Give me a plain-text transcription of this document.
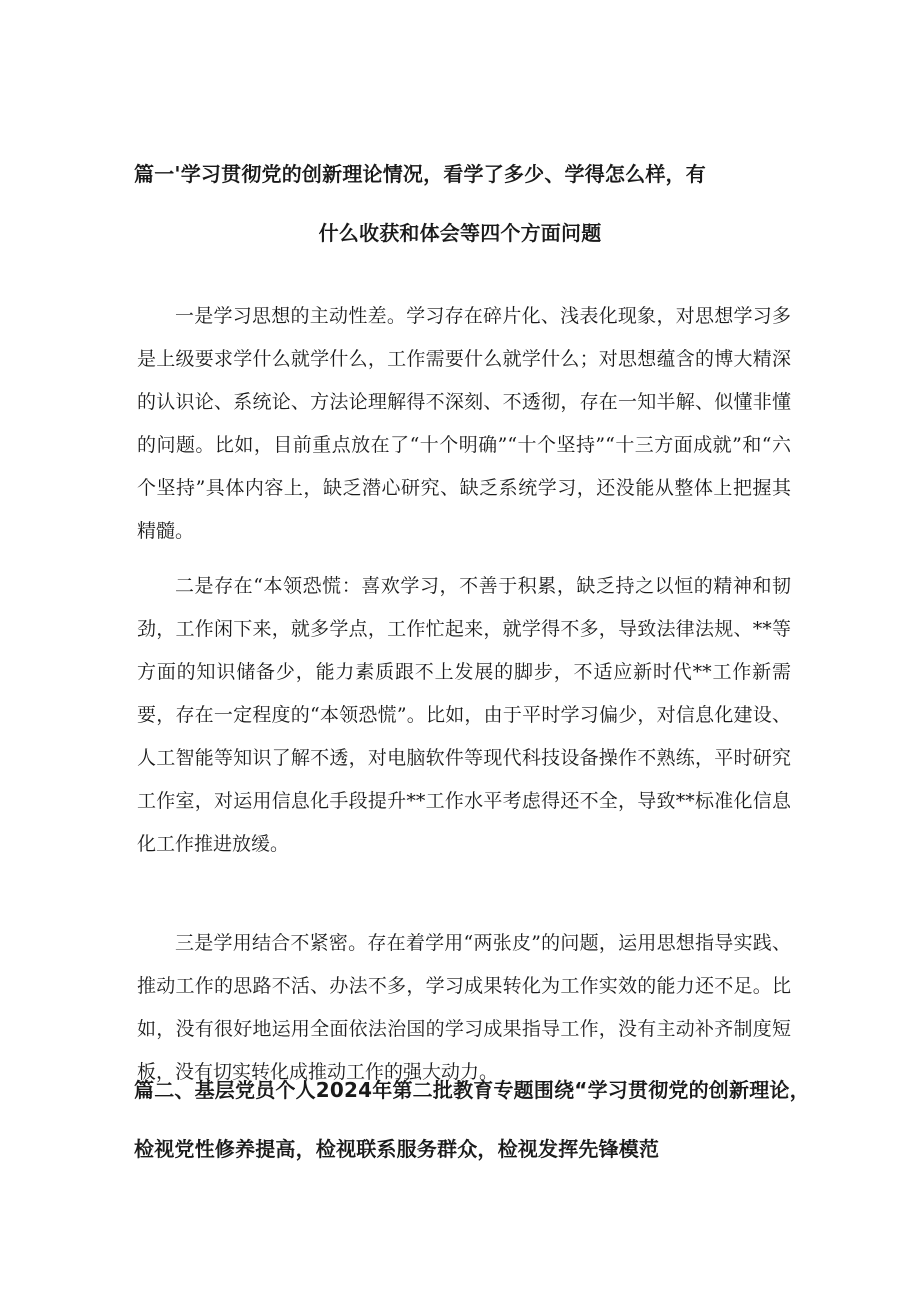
篇一'学习贯彻党的创新理论情况，看学了多少、学得怎么样，有
什么收获和体会等四个方面问题

一是学习思想的主动性差。学习存在碎片化、浅表化现象，对思想学习多是上级要求学什么就学什么，工作需要什么就学什么；对思想蕴含的博大精深的认识论、系统论、方法论理解得不深刻、不透彻，存在一知半解、似懂非懂的问题。比如，目前重点放在了“十个明确”“十个坚持”“十三方面成就”和“六个坚持”具体内容上，缺乏潜心研究、缺乏系统学习，还没能从整体上把握其精髓。

二是存在“本领恐慌：喜欢学习，不善于积累，缺乏持之以恒的精神和韧劲，工作闲下来，就多学点，工作忙起来，就学得不多，导致法律法规、**等方面的知识储备少，能力素质跟不上发展的脚步，不适应新时代**工作新需要，存在一定程度的“本领恐慌”。比如，由于平时学习偏少，对信息化建设、人工智能等知识了解不透，对电脑软件等现代科技设备操作不熟练，平时研究工作室，对运用信息化手段提升**工作水平考虑得还不全，导致**标准化信息化工作推进放缓。

三是学用结合不紧密。存在着学用“两张皮”的问题，运用思想指导实践、推动工作的思路不活、办法不多，学习成果转化为工作实效的能力还不足。比如，没有很好地运用全面依法治国的学习成果指导工作，没有主动补齐制度短板，没有切实转化成推动工作的强大动力。

篇二、基层党员个人2024年第二批教育专题围绕“学习贯彻党的创新理论，
检视党性修养提高，检视联系服务群众，检视发挥先锋模范
